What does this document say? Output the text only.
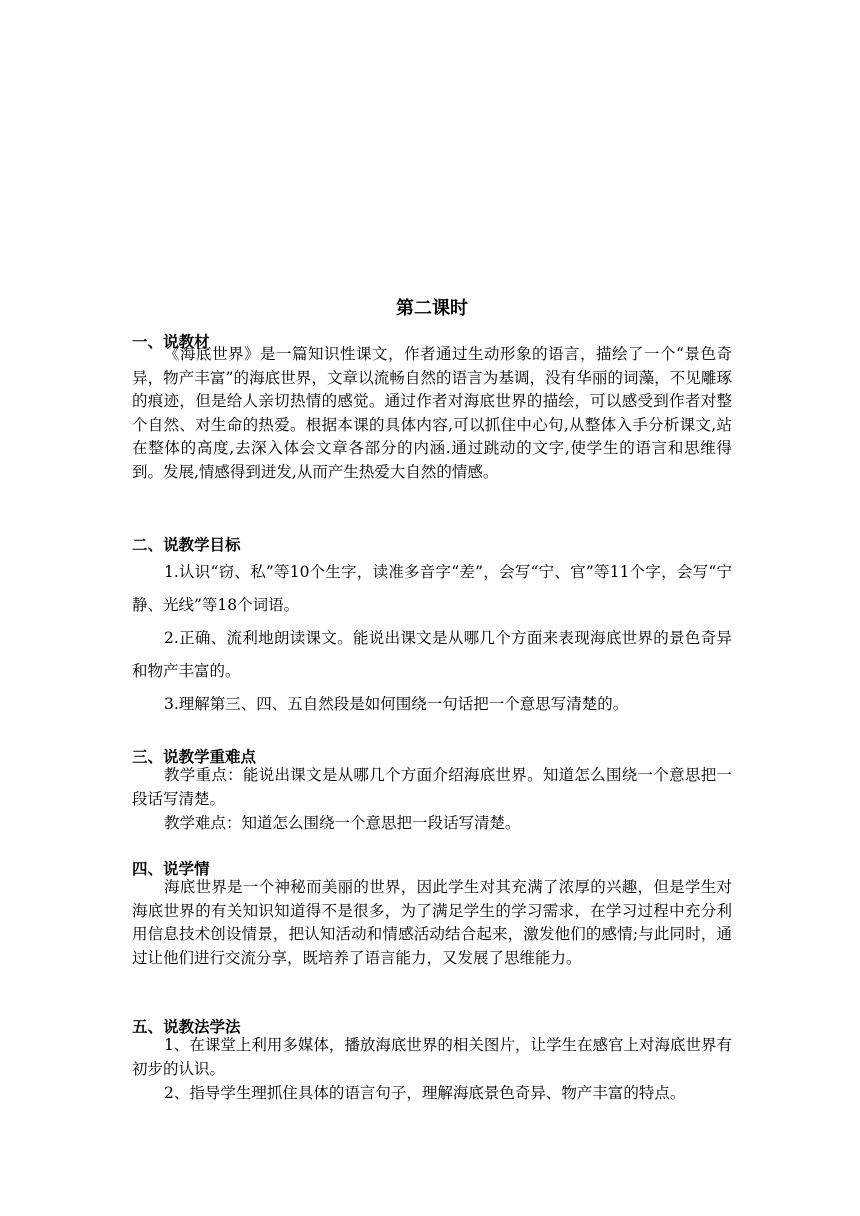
第二课时
一、说教材

《海底世界》是一篇知识性课文，作者通过生动形象的语言，描绘了一个“景色奇异，物产丰富”的海底世界，文章以流畅自然的语言为基调，没有华丽的词藻，不见雕琢的痕迹，但是给人亲切热情的感觉。通过作者对海底世界的描绘，可以感受到作者对整个自然、对生命的热爱。根据本课的具体内容,可以抓住中心句,从整体入手分析课文,站在整体的高度,去深入体会文章各部分的内涵.通过跳动的文字,使学生的语言和思维得到。发展,情感得到迸发,从而产生热爱大自然的情感。

二、说教学目标

1.认识“窃、私”等10个生字，读准多音字“差”，会写“宁、官”等11个字，会写“宁静、光线”等18个词语。

2.正确、流利地朗读课文。能说出课文是从哪几个方面来表现海底世界的景色奇异和物产丰富的。

3.理解第三、四、五自然段是如何围绕一句话把一个意思写清楚的。

三、说教学重难点

教学重点：能说出课文是从哪几个方面介绍海底世界。知道怎么围绕一个意思把一段话写清楚。

教学难点：知道怎么围绕一个意思把一段话写清楚。

四、说学情

海底世界是一个神秘而美丽的世界，因此学生对其充满了浓厚的兴趣，但是学生对海底世界的有关知识知道得不是很多，为了满足学生的学习需求，在学习过程中充分利用信息技术创设情景，把认知活动和情感活动结合起来，激发他们的感情;与此同时，通过让他们进行交流分享，既培养了语言能力，又发展了思维能力。

五、说教法学法

1、在课堂上利用多媒体，播放海底世界的相关图片，让学生在感官上对海底世界有初步的认识。

2、指导学生理抓住具体的语言句子，理解海底景色奇异、物产丰富的特点。
